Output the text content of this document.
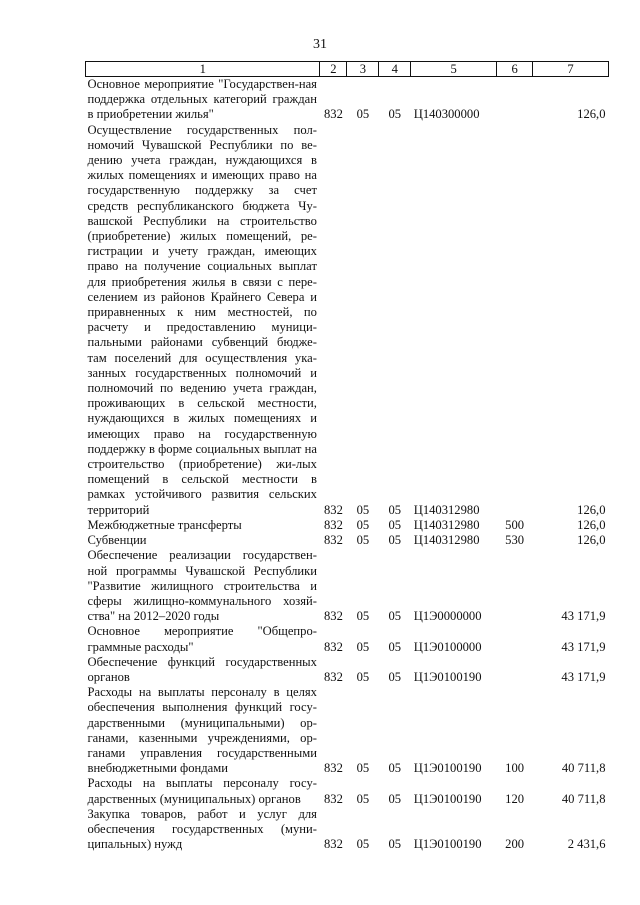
31
1	2	3	4	5	6	7
Основное мероприятие "Государствен-ная поддержка отдельных категорий граждан в приобретении жилья"	832	05	05	Ц140300000		126,0
Осуществление государственных пол-номочий Чувашской Республики по ве-дению учета граждан, нуждающихся в жилых помещениях и имеющих право на государственную поддержку за счет средств республиканского бюджета Чу-вашской Республики на строительство (приобретение) жилых помещений, ре-гистрации и учету граждан, имеющих право на получение социальных выплат для приобретения жилья в связи с пере-селением из районов Крайнего Севера и приравненных к ним местностей, по расчету и предоставлению муници-пальными районами субвенций бюдже-там поселений для осуществления ука-занных государственных полномочий и полномочий по ведению учета граждан, проживающих в сельской местности, нуждающихся в жилых помещениях и имеющих право на государственную поддержку в форме социальных выплат на строительство (приобретение) жи-лых помещений в сельской местности в рамках устойчивого развития сельских территорий	832	05	05	Ц140312980		126,0
Межбюджетные трансферты	832	05	05	Ц140312980	500	126,0
Субвенции	832	05	05	Ц140312980	530	126,0
Обеспечение реализации государствен-ной программы Чувашской Республики "Развитие жилищного строительства и сферы жилищно-коммунального хозяй-ства" на 2012–2020 годы	832	05	05	Ц1Э0000000		43 171,9
Основное мероприятие "Общепро-граммные расходы"	832	05	05	Ц1Э0100000		43 171,9
Обеспечение функций государственных органов	832	05	05	Ц1Э0100190		43 171,9
Расходы на выплаты персоналу в целях обеспечения выполнения функций госу-дарственными (муниципальными) ор-ганами, казенными учреждениями, ор-ганами управления государственными внебюджетными фондами	832	05	05	Ц1Э0100190	100	40 711,8
Расходы на выплаты персоналу госу-дарственных (муниципальных) органов	832	05	05	Ц1Э0100190	120	40 711,8
Закупка товаров, работ и услуг для обеспечения государственных (муни-ципальных) нужд	832	05	05	Ц1Э0100190	200	2 431,6
